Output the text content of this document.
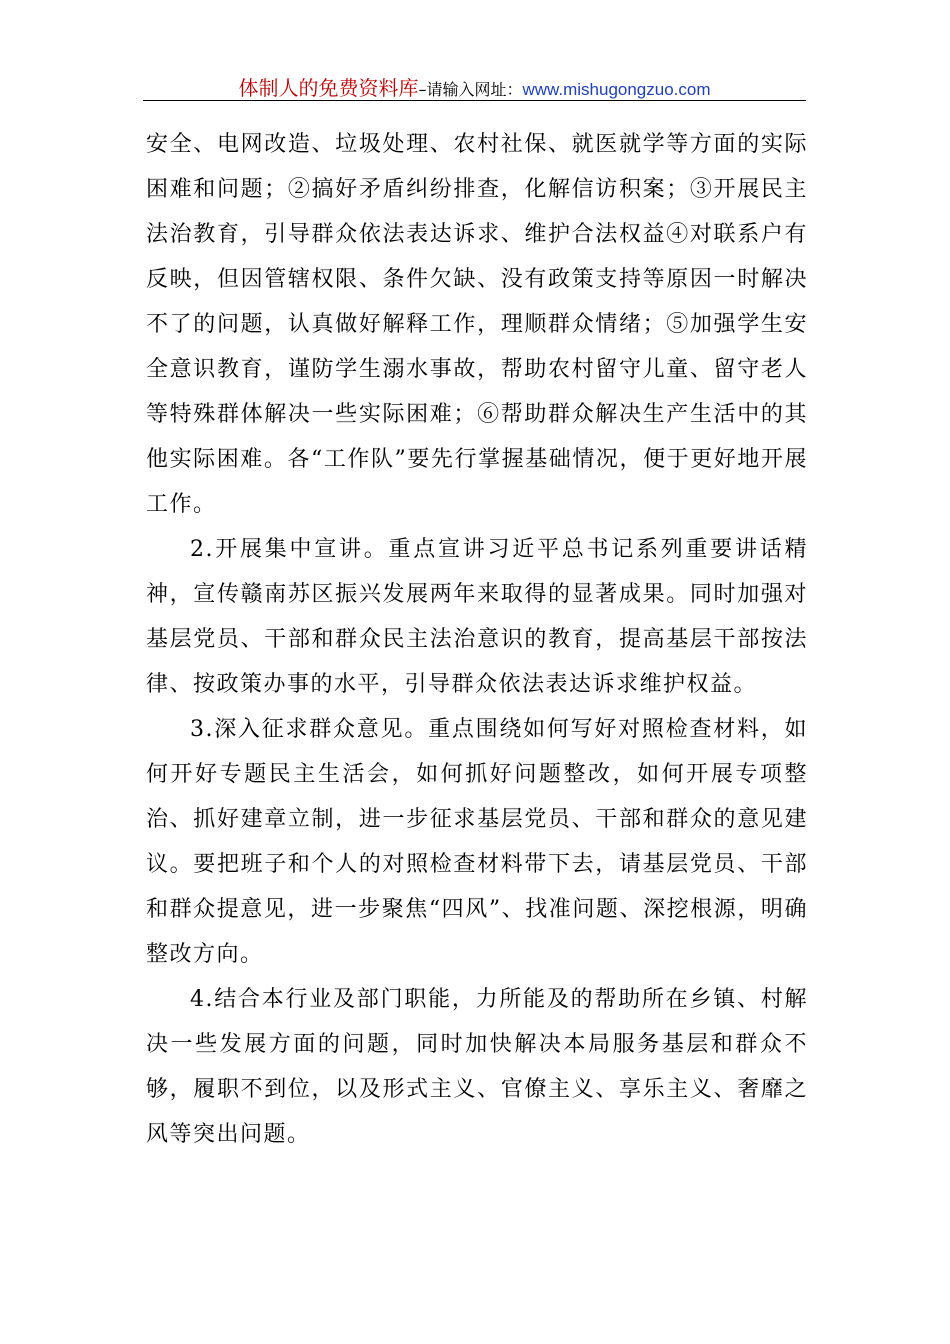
体制人的免费资料库–请输入网址：www.mishugongzuo.com

安全、电网改造、垃圾处理、农村社保、就医就学等方面的实际困难和问题；②搞好矛盾纠纷排查，化解信访积案；③开展民主法治教育，引导群众依法表达诉求、维护合法权益④对联系户有反映，但因管辖权限、条件欠缺、没有政策支持等原因一时解决不了的问题，认真做好解释工作，理顺群众情绪；⑤加强学生安全意识教育，谨防学生溺水事故，帮助农村留守儿童、留守老人等特殊群体解决一些实际困难；⑥帮助群众解决生产生活中的其他实际困难。各“工作队”要先行掌握基础情况，便于更好地开展工作。

2.开展集中宣讲。重点宣讲习近平总书记系列重要讲话精神，宣传赣南苏区振兴发展两年来取得的显著成果。同时加强对基层党员、干部和群众民主法治意识的教育，提高基层干部按法律、按政策办事的水平，引导群众依法表达诉求维护权益。

3.深入征求群众意见。重点围绕如何写好对照检查材料，如何开好专题民主生活会，如何抓好问题整改，如何开展专项整治、抓好建章立制，进一步征求基层党员、干部和群众的意见建议。要把班子和个人的对照检查材料带下去，请基层党员、干部和群众提意见，进一步聚焦“四风”、找准问题、深挖根源，明确整改方向。

4.结合本行业及部门职能，力所能及的帮助所在乡镇、村解决一些发展方面的问题，同时加快解决本局服务基层和群众不够，履职不到位，以及形式主义、官僚主义、享乐主义、奢靡之风等突出问题。
